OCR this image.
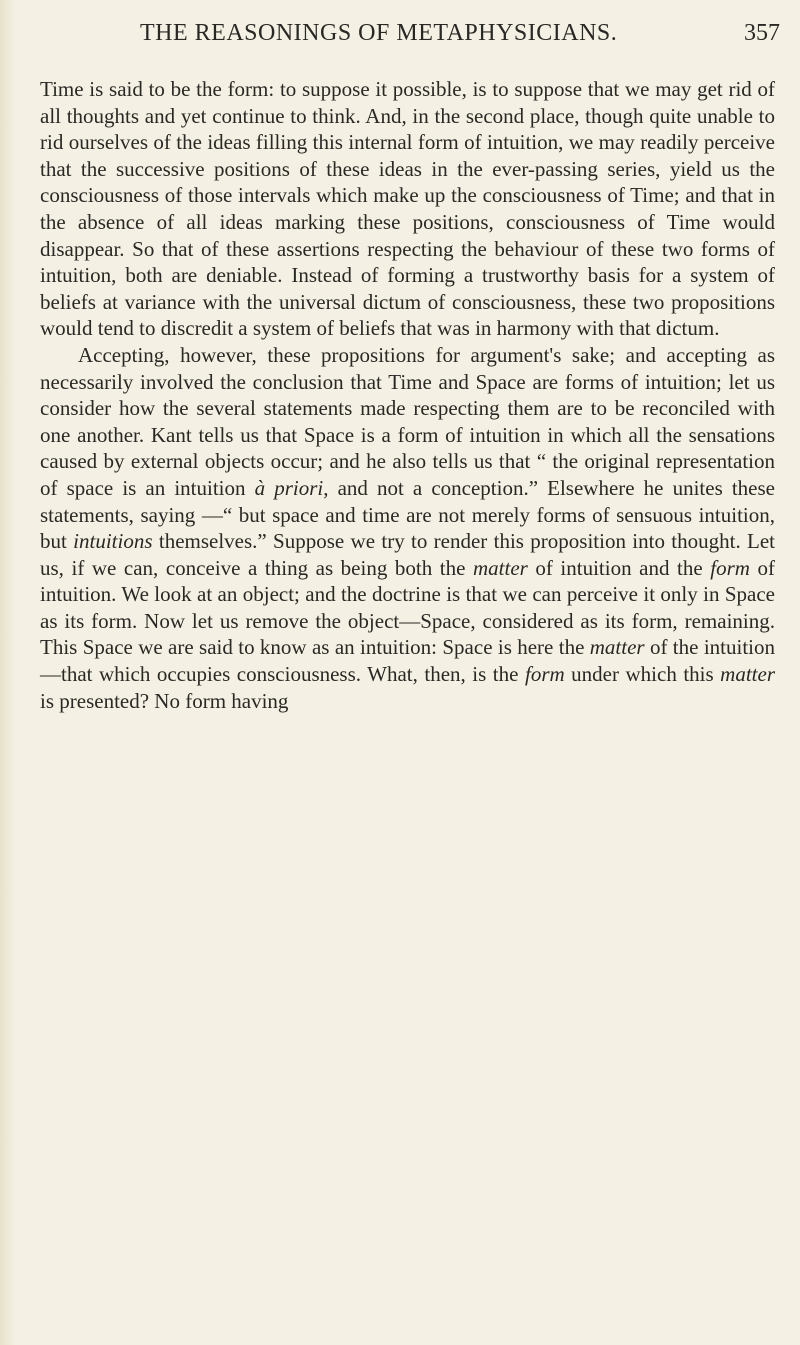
THE REASONINGS OF METAPHYSICIANS.	357

Time is said to be the form: to suppose it possible, is to suppose that we may get rid of all thoughts and yet continue to think. And, in the second place, though quite unable to rid ourselves of the ideas filling this internal form of intuition, we may readily perceive that the successive positions of these ideas in the ever-passing series, yield us the consciousness of those intervals which make up the consciousness of Time; and that in the absence of all ideas marking these positions, consciousness of Time would disappear. So that of these assertions respecting the behaviour of these two forms of intuition, both are deniable. Instead of forming a trustworthy basis for a system of beliefs at variance with the universal dictum of consciousness, these two propositions would tend to discredit a system of beliefs that was in harmony with that dictum.

Accepting, however, these propositions for argument's sake; and accepting as necessarily involved the conclusion that Time and Space are forms of intuition; let us consider how the several statements made respecting them are to be reconciled with one another. Kant tells us that Space is a form of intuition in which all the sensations caused by external objects occur; and he also tells us that “ the original representation of space is an intuition à priori, and not a conception.” Elsewhere he unites these statements, saying —“ but space and time are not merely forms of sensuous intuition, but intuitions themselves.” Suppose we try to render this proposition into thought. Let us, if we can, conceive a thing as being both the matter of intuition and the form of intuition. We look at an object; and the doctrine is that we can perceive it only in Space as its form. Now let us remove the object—Space, considered as its form, remaining. This Space we are said to know as an intuition: Space is here the matter of the intuition—that which occupies consciousness. What, then, is the form under which this matter is presented? No form having
